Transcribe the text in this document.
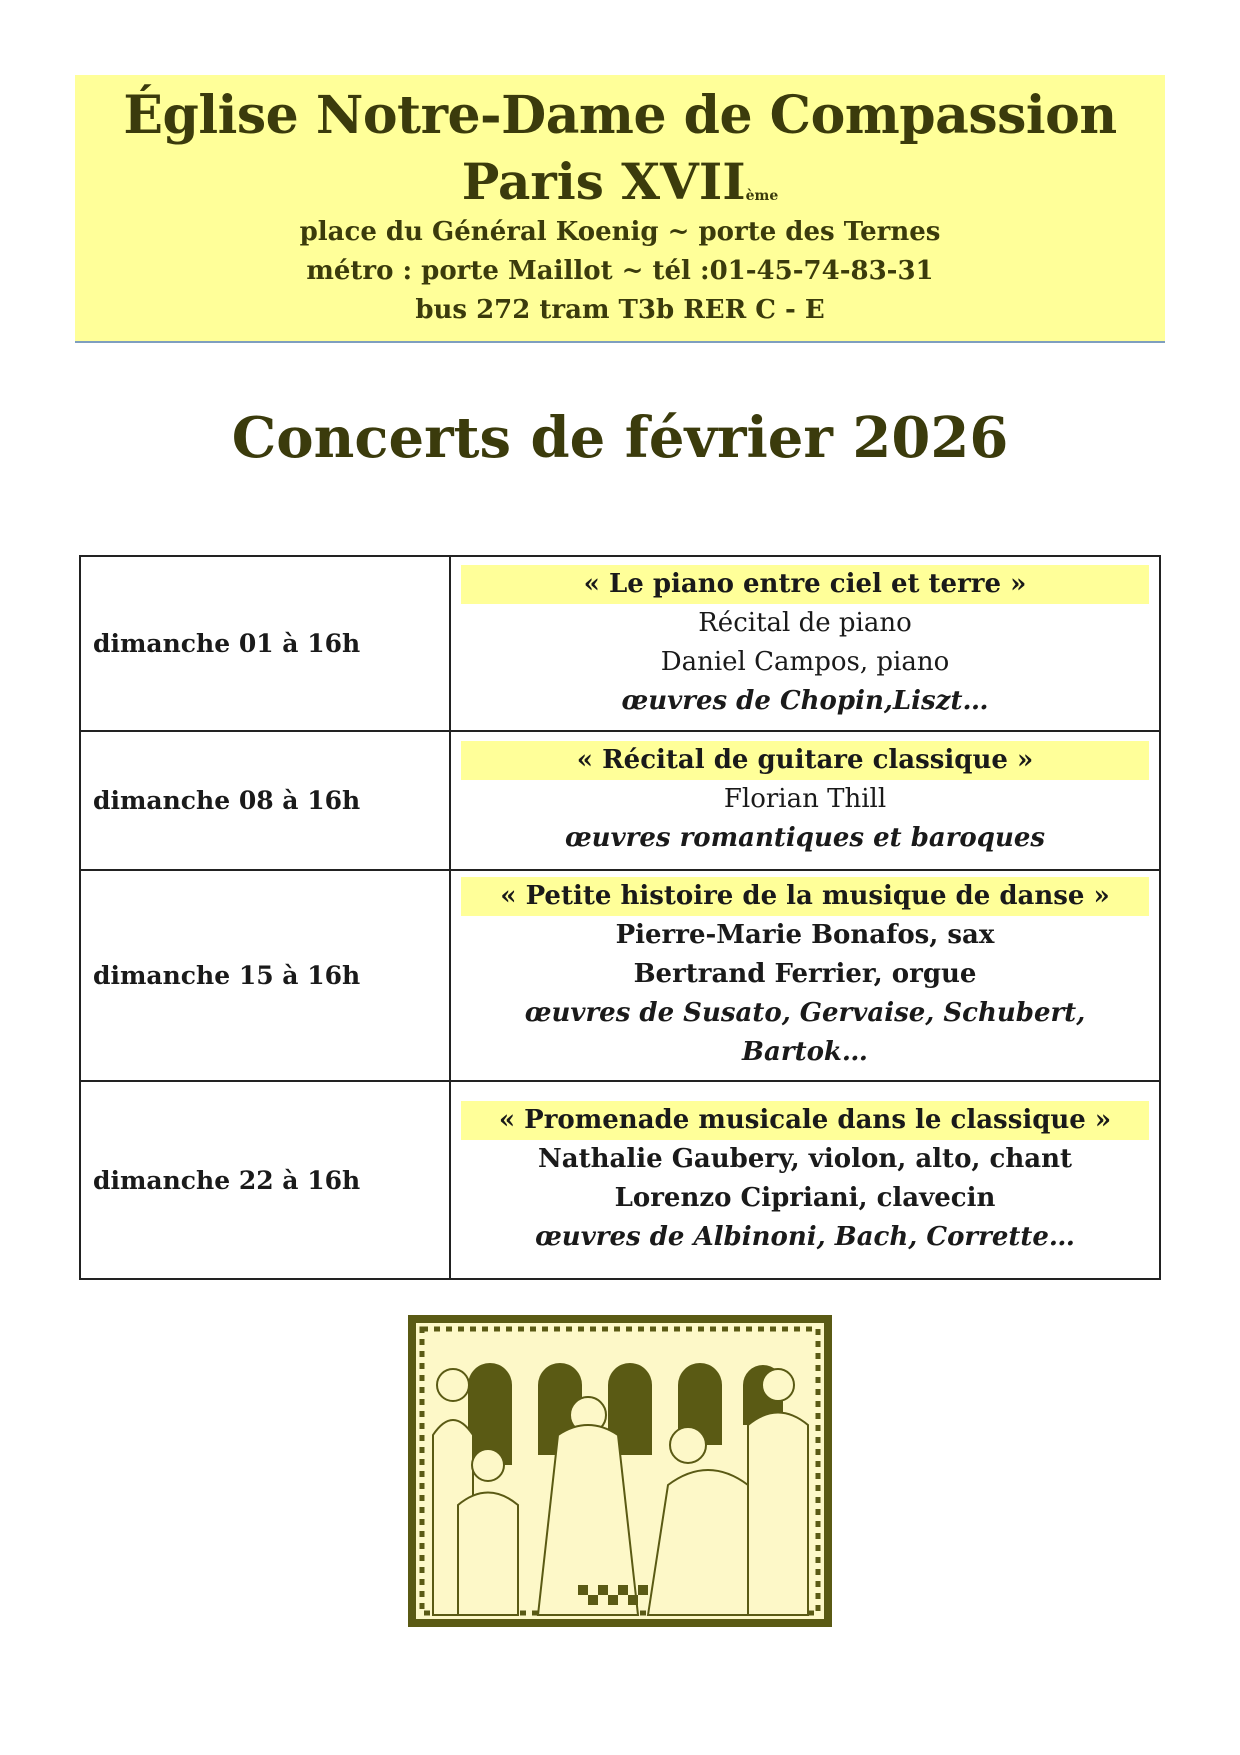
Église Notre-Dame de Compassion
Paris XVIIème
place du Général Koenig ~ porte des Ternes
métro : porte Maillot ~ tél :01-45-74-83-31
bus 272 tram T3b RER C - E
Concerts de février 2026
dimanche 01 à 16h	« Le piano entre ciel et terre »
Récital de piano
Daniel Campos, piano
œuvres de Chopin,Liszt…

dimanche 08 à 16h	« Récital de guitare classique »
Florian Thill
œuvres romantiques et baroques

dimanche 15 à 16h	« Petite histoire de la musique de danse »
Pierre-Marie Bonafos, sax
Bertrand Ferrier, orgue
œuvres de Susato, Gervaise, Schubert, Bartok…

dimanche 22 à 16h	« Promenade musicale dans le classique »
Nathalie Gaubery, violon, alto, chant
Lorenzo Cipriani, clavecin
œuvres de Albinoni, Bach, Corrette…
